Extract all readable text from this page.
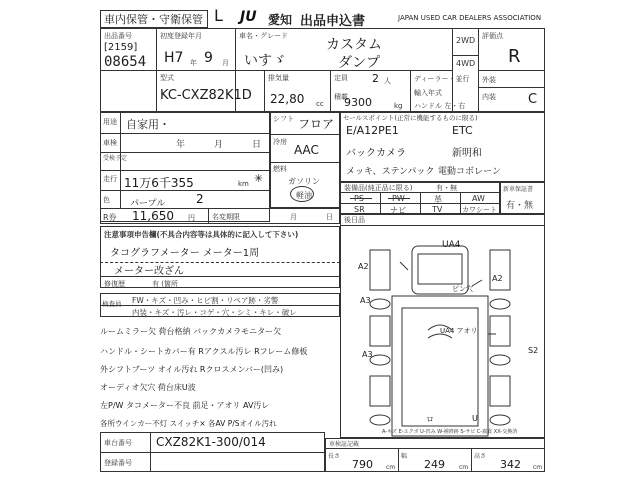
車内保管・守衛保管 L JU 愛知 出品申込書	JAPAN USED CAR DEALERS ASSOCIATION
出品番号
[2159]
08654
初度登録年月	車名・グレード
H7 年 9 月 いすゞ
カスタム
ダンプ
2WD
4WD
評価点
R
外装
内装 C
型式
KC-CXZ82K1D
排気量
22,80 cc
定員 2 人
積載
9300	kg
ディーラー・並行
輸入年式
ハンドル 左・右
用途 自家用・
車検	年	月	日
受検予定
走行 11万6千355	km ✳
色 パープル	2
R券 11,650 円 名変期限	月	日
シフト フロア
冷房
AAC
燃料
ガソリン
軽油
セールスポイント(正常に機能するものに限る)
E/A12PE1	ETC
バックカメラ	新明和
メッキ、ステンパック 電動コボレーン
装備品(純正品に限る)	有・無
PS	PW	革	AW
SR	ナビ	TV	カワシート
新車保証書
有・無
後日品
注意事項申告欄(不具合内容等は具体的に記入して下さい)
タコグラフメーター メーター1周
メーター改ざん
修復歴	有 (箇所
検査員 FW・キズ・凹み・ヒビ割・リペア跡・劣警
内装・キズ・汚レ・コゲ・穴・シミ・キレ・破レ
ルームミラー欠 荷台格納 バックカメラモニター欠
ハンドル・シートカバー有 Rアクスル汚レ Rフレーム修板
外シフトブーツ オイル汚れ Rクロスメンバー(凹み)
オーディオ欠穴 荷台床U波
左P/W タコメーター不良 前足・アオリ AV汚レ
各所ウインカー不灯 スイッチ× 各AV P/Sオイル汚れ
UA4
A2
A3
ピン穴
A2
UA4 アオリ
A3	S2
ロ	U
A-キズ E-エクボ U-凹み W-補修跡 S-サビ C-腐食 XX-交換済
車台番号 CXZ82K1-300/014
登録番号
車検証記載
長さ	幅	高さ
790	249	342
cm	cm	cm
